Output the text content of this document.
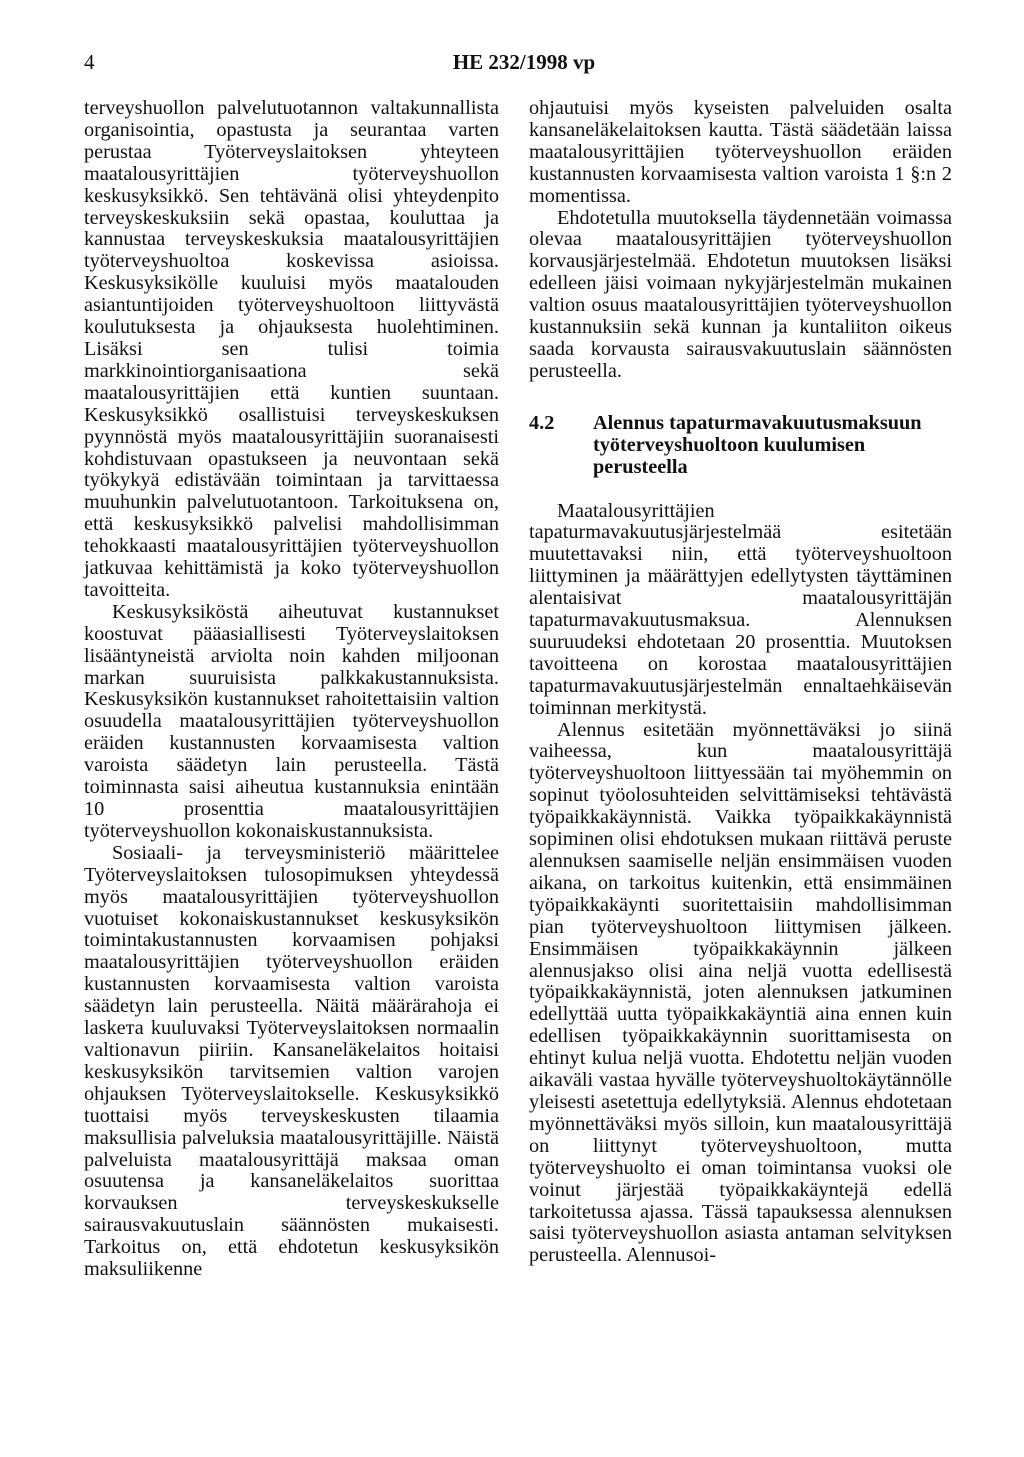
4	HE 232/1998 vp

terveyshuollon palvelutuotannon valtakunnallista organisointia, opastusta ja seurantaa varten perustaa Työterveyslaitoksen yhteyteen maatalousyrittäjien työterveyshuollon keskusyksikkö. Sen tehtävänä olisi yhteydenpito terveyskeskuksiin sekä opastaa, kouluttaa ja kannustaa terveyskeskuksia maatalousyrittäjien työterveyshuoltoa koskevissa asioissa. Keskusyksikölle kuuluisi myös maatalouden asiantuntijoiden työterveyshuoltoon liittyvästä koulutuksesta ja ohjauksesta huolehtiminen. Lisäksi sen tulisi toimia markkinointiorganisaationa sekä maatalousyrittäjien että kuntien suuntaan. Keskusyksikkö osallistuisi terveyskeskuksen pyynnöstä myös maatalousyrittäjiin suoranaisesti kohdistuvaan opastukseen ja neuvontaan sekä työkykyä edistävään toimintaan ja tarvittaessa muuhunkin palvelutuotantoon. Tarkoituksena on, että keskusyksikkö palvelisi mahdollisimman tehokkaasti maatalousyrittäjien työterveyshuollon jatkuvaa kehittämistä ja koko työterveyshuollon tavoitteita.

Keskusyksiköstä aiheutuvat kustannukset koostuvat pääasiallisesti Työterveyslaitoksen lisääntyneistä arviolta noin kahden miljoonan markan suuruisista palkkakustannuksista. Keskusyksikön kustannukset rahoitettaisiin valtion osuudella maatalousyrittäjien työterveyshuollon eräiden kustannusten korvaamisesta valtion varoista säädetyn lain perusteella. Tästä toiminnasta saisi aiheutua kustannuksia enintään 10 prosenttia maatalousyrittäjien työterveyshuollon kokonaiskustannuksista.

Sosiaali- ja terveysministeriö määrittelee Työterveyslaitoksen tulosopimuksen yhteydessä myös maatalousyrittäjien työterveyshuollon vuotuiset kokonaiskustannukset keskusyksikön toimintakustannusten korvaamisen pohjaksi maatalousyrittäjien työterveyshuollon eräiden kustannusten korvaamisesta valtion varoista säädetyn lain perusteella. Näitä määrärahoja ei laskета kuuluvaksi Työterveyslaitoksen normaalin valtionavun piiriin. Kansaneläkelaitos hoitaisi keskusyksikön tarvitsemien valtion varojen ohjauksen Työterveyslaitokselle. Keskusyksikkö tuottaisi myös terveyskeskusten tilaamia maksullisia palveluksia maatalousyrittäjille. Näistä palveluista maatalousyrittäjä maksaa oman osuutensa ja kansaneläkelaitos suorittaa korvauksen terveyskeskukselle sairausvakuutuslain säännösten mukaisesti. Tarkoitus on, että ehdotetun keskusyksikön maksuliikenne

ohjautuisi myös kyseisten palveluiden osalta kansaneläkelaitoksen kautta. Tästä säädetään laissa maatalousyrittäjien työterveyshuollon eräiden kustannusten korvaamisesta valtion varoista 1 §:n 2 momentissa.

Ehdotetulla muutoksella täydennetään voimassa olevaa maatalousyrittäjien työterveyshuollon korvausjärjestelmää. Ehdotetun muutoksen lisäksi edelleen jäisi voimaan nykyjärjestelmän mukainen valtion osuus maatalousyrittäjien työterveyshuollon kustannuksiin sekä kunnan ja kuntaliiton oikeus saada korvausta sairausvakuutuslain säännösten perusteella.

4.2	Alennus tapaturmavakuutusmaksuun työterveyshuoltoon kuulumisen perusteella

Maatalousyrittäjien tapaturmavakuutusjärjestelmää esitetään muutettavaksi niin, että työterveyshuoltoon liittyminen ja määrättyjen edellytysten täyttäminen alentaisivat maatalousyrittäjän tapaturmavakuutusmaksua. Alennuksen suuruudeksi ehdotetaan 20 prosenttia. Muutoksen tavoitteena on korostaa maatalousyrittäjien tapaturmavakuutusjärjestelmän ennaltaehkäisevän toiminnan merkitystä.

Alennus esitetään myönnettäväksi jo siinä vaiheessa, kun maatalousyrittäjä työterveyshuoltoon liittyessään tai myöhemmin on sopinut työolosuhteiden selvittämiseksi tehtävästä työpaikkakäynnistä. Vaikka työpaikkakäynnistä sopiminen olisi ehdotuksen mukaan riittävä peruste alennuksen saamiselle neljän ensimmäisen vuoden aikana, on tarkoitus kuitenkin, että ensimmäinen työpaikkakäynti suoritettaisiin mahdollisimman pian työterveyshuoltoon liittymisen jälkeen. Ensimmäisen työpaikkakäynnin jälkeen alennusjakso olisi aina neljä vuotta edellisestä työpaikkakäynnistä, joten alennuksen jatkuminen edellyttää uutta työpaikkakäyntiä aina ennen kuin edellisen työpaikkakäynnin suorittamisesta on ehtinyt kulua neljä vuotta. Ehdotettu neljän vuoden aikaväli vastaa hyvälle työterveyshuoltokäytännölle yleisesti asetettuja edellytyksiä. Alennus ehdotetaan myönnettäväksi myös silloin, kun maatalousyrittäjä on liittynyt työterveyshuoltoon, mutta työterveyshuolto ei oman toimintansa vuoksi ole voinut järjestää työpaikkakäyntejä edellä tarkoitetussa ajassa. Tässä tapauksessa alennuksen saisi työterveyshuollon asiasta antaman selvityksen perusteella. Alennusoi-
